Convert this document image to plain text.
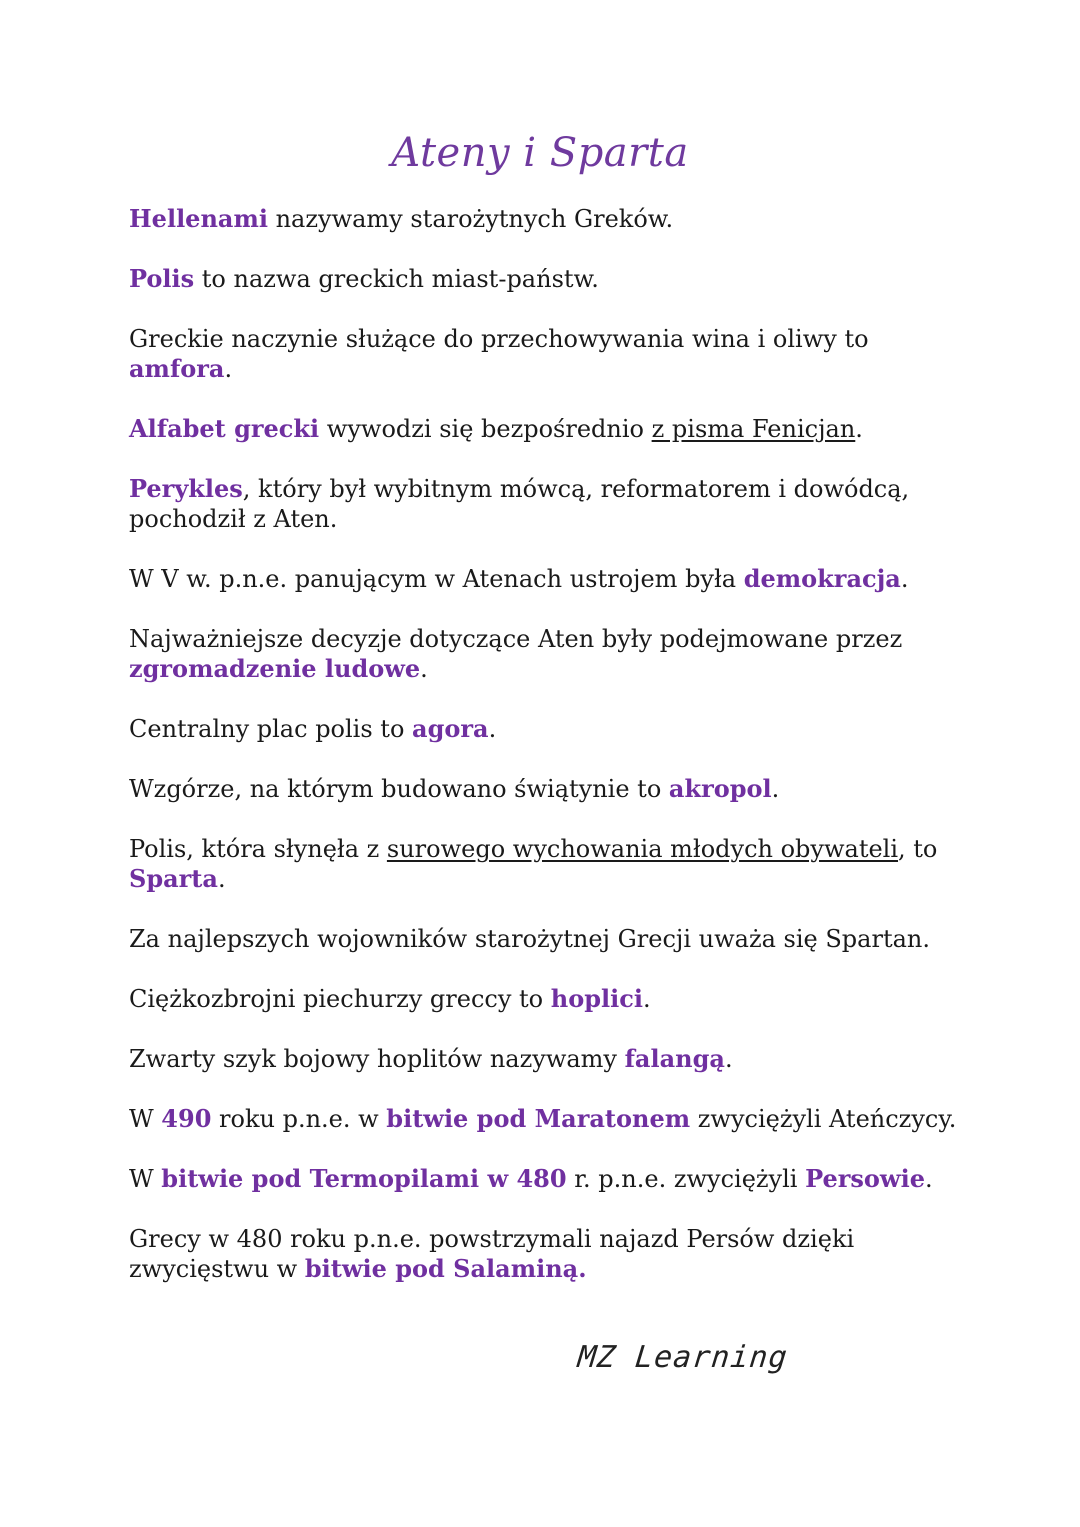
Ateny i Sparta

Hellenami nazywamy starożytnych Greków.

Polis to nazwa greckich miast-państw.

Greckie naczynie służące do przechowywania wina i oliwy to amfora.

Alfabet grecki wywodzi się bezpośrednio z pisma Fenicjan.

Perykles, który był wybitnym mówcą, reformatorem i dowódcą, pochodził z Aten.

W V w. p.n.e. panującym w Atenach ustrojem była demokracja.

Najważniejsze decyzje dotyczące Aten były podejmowane przez zgromadzenie ludowe.

Centralny plac polis to agora.

Wzgórze, na którym budowano świątynie to akropol.

Polis, która słynęła z surowego wychowania młodych obywateli, to Sparta.

Za najlepszych wojowników starożytnej Grecji uważa się Spartan.

Ciężkozbrojni piechurzy greccy to hoplici.

Zwarty szyk bojowy hoplitów nazywamy falangą.

W 490 roku p.n.e. w bitwie pod Maratonem zwyciężyli Ateńczycy.

W bitwie pod Termopilami w 480 r. p.n.e. zwyciężyli Persowie.

Grecy w 480 roku p.n.e. powstrzymali najazd Persów dzięki zwycięstwu w bitwie pod Salaminą.

MZ Learning
